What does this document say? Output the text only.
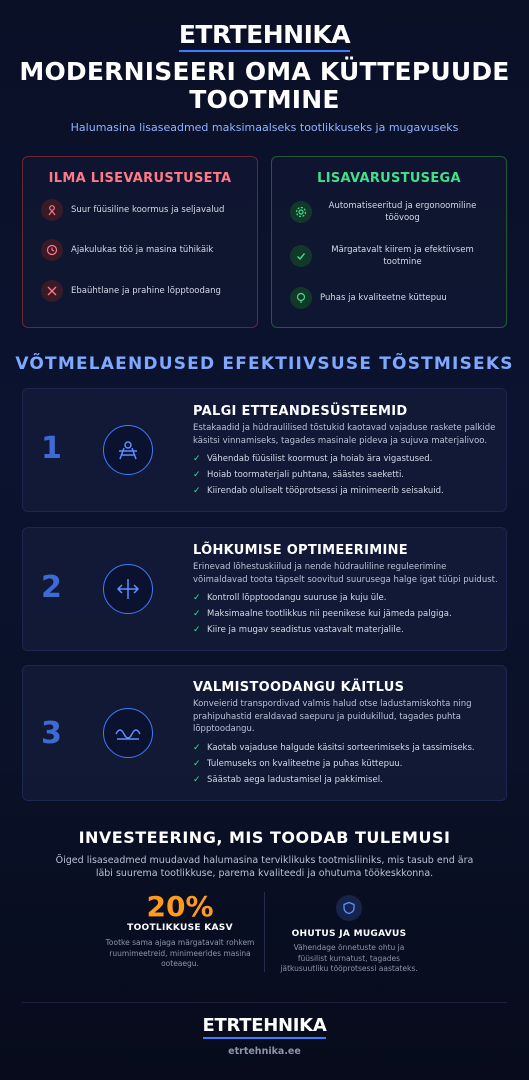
ETRTEHNIKA
MODERNISEERI OMA KÜTTEPUUDE TOOTMINE
Halumasina lisaseadmed maksimaalseks tootlikkuseks ja mugavuseks
ILMA LISEVARUSTUSETA
Suur füüsiline koormus ja seljavalud
Ajakulukas töö ja masina tühikäik
Ebaühtlane ja prahine lõpptoodang
LISAVARUSTUSEGA
Automatiseeritud ja ergonoomiline töövoog
Märgatavalt kiirem ja efektiivsem tootmine
Puhas ja kvaliteetne küttepuu
VÕTMELAENDUSED EFEKTIIVSUSE TÕSTMISEKS
1
PALGI ETTEANDESÜSTEEMID
Estakaadid ja hüdraulilised tõstukid kaotavad vajaduse raskete palkide käsitsi vinnamiseks, tagades masinale pideva ja sujuva materjalivoo.
✓ Vähendab füüsilist koormust ja hoiab ära vigastused.
✓ Hoiab toormaterjali puhtana, säästes saeketti.
✓ Kiirendab oluliselt tööprotsessi ja minimeerib seisakuid.
2
LÕHKUMISE OPTIMEERIMINE
Erinevad lõhestuskiilud ja nende hüdrauliline reguleerimine võimaldavad toota täpselt soovitud suurusega halge igat tüüpi puidust.
✓ Kontroll lõpptoodangu suuruse ja kuju üle.
✓ Maksimaalne tootlikkus nii peenikese kui jämeda palgiga.
✓ Kiire ja mugav seadistus vastavalt materjalile.
3
VALMISTOODANGU KÄITLUS
Konveierid transpordivad valmis halud otse ladustamiskohta ning prahipuhastid eraldavad saepuru ja puidukillud, tagades puhta lõpptoodangu.
✓ Kaotab vajaduse halgude käsitsi sorteerimiseks ja tassimiseks.
✓ Tulemuseks on kvaliteetne ja puhas küttepuu.
✓ Säästab aega ladustamisel ja pakkimisel.
INVESTEERING, MIS TOODAB TULEMUSI
Õiged lisaseadmed muudavad halumasina terviklikuks tootmisliiniks, mis tasub end ära läbi suurema tootlikkuse, parema kvaliteedi ja ohutuma töökeskkonna.
20%
TOOTLIKKUSE KASV
Tootke sama ajaga märgatavalt rohkem ruumimeetreid, minimeerides masina ooteaegu.
OHUTUS JA MUGAVUS
Vähendage õnnetuste ohtu ja füüsilist kurnatust, tagades jätkusuutliku tööprotsessi aastateks.
ETRTEHNIKA
etrtehnika.ee
